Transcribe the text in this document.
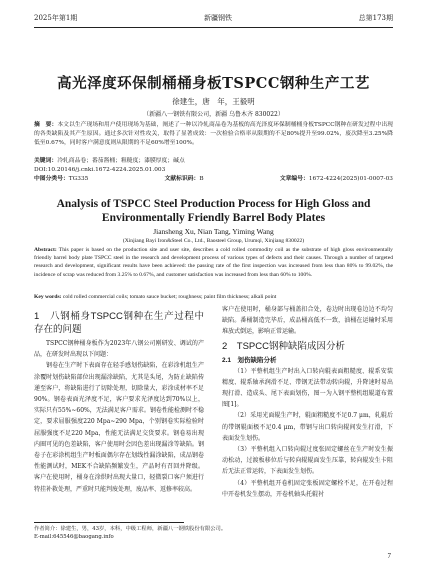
2025年第1期	新疆钢铁	总第173期
高光泽度环保制桶桶身板TSPCC钢种生产工艺
徐建生，唐　年，王毅明
（新疆八一钢铁有限公司，新疆 乌鲁木齐 830022）
摘　要：本文以生产现场和用户使用现场为基础，阐述了一种以冷轧商品卷为基板的高光泽度环保制桶桶身板TSPCC钢种在研发过程中出现的各类缺陷及其产生原因。通过多次针对性攻关，取得了显著成效：一次检验合格率从限期的不足80%提升至99.02%，废次降至3.25%降低至0.67%，同时客户满意度则从限期的不足60%增至100%。
关键词：冷轧商品卷；番茄酱桶；粗糙度；漆膜厚度；碱点
DOI:10.20146/j.cnki.1672-4224.2025.01.003
中图分类号：TG335	文献标识码：B	文章编号：1672-4224(2025)01-0007-03
Analysis of TSPCC Steel Production Process for High Gloss and Environmentally Friendly Barrel Body Plates
Jiansheng Xu, Nian Tang, Yiming Wang
(Xinjiang Bayi Iron&Steel Co., Ltd., Baosteel Group, Urumqi, Xinjiang 830022)
Abstract: This paper is based on the production site and user site, describes a cold rolled commodity coil as the substrate of high gloss environmentally friendly barrel body plate TSPCC steel in the research and development process of various types of defects and their causes. Through a number of targeted research and development, significant results have been achieved: the passing rate of the first inspection was increased from less than 80% to 99.02%, the incidence of scrap was reduced from 3.25% to 0.67%, and customer satisfaction was increased from less than 60% to 100%.
Key words: cold rolled commercial coils; tomato sauce bucket; roughness; paint film thickness; alkali point
1　八钢桶身TSPCC钢种在生产过程中存在的问题

TSPCC钢种桶身板作为2023年八钢公司刚研发、调试的产品，在研发时出现以下问题：

钢卷在生产时下表面存在轻手感划伤缺陷，在彩涂机组生产涂覆时划伤缺陷部位出现漏涂缺陷，尤其是头尾，为防止缺陷传递至客户，将缺陷进行了切除处理，切除量大，彩涂成材率不足90%。钢卷表面光泽度不足，客户要求光泽度达到70%以上，实际只有55%~60%，无法满足客户需求。钢卷性能检测时不稳定，要求屈服强度220 Mpa~290 Mpa，个别钢卷实际检验时屈服强度不足220 Mpa，性能无法满足交货要求。钢卷易出现内圈可见的色差缺陷，客户使用时会因色差出现漏涂等缺陷。钢卷子在彩涂机组生产时板面偶尔存在划线性漏涂缺陷，成品钢卷性能测试时，MEK不合缺陷频繁发生，产品时有召回并降级。客户在使用时，桶身在涂烘时出现大量口，轻微裂口客户须进行特挂补救处理，严重时只能判废处理，废品率、返修率较高。

客户在使用时，桶身部与桶盖扣合处，卷边时出现卷边边不均匀缺陷。番桶制造完毕后，成品桶高低不一致，油桶在运输时采用堆放式倒运，影响正常运输。

2　TSPCC钢种缺陷成因分析
2.1　划伤缺陷分析

（1）平整机组生产时出入口转向辊表面粗糙度、辊系安装精度、辊系轴承润滑不足、带钢无法带动转向辊，升降速时易出现打滑、造成头、尾下表面划伤，图一为入钢平整机组辊道布置图[1]。

（2）采用光面辊生产时，辊面粗糙度不足0.7 μm，轧辊后的带钢辊面极不足0.4 μm，带钢与出口转向辊间发生打滑，下表面发生划伤。

（3）平整机组入口转向辊过度张固定螺丝在生产时发生振动松动，过渡板移位后与转向辊辊面发生压靠，转向辊发生卡阻后无法正常运转，下表面发生划伤。

（4）平整机组开卷机固定张板固定螺栓不足，在开卷过程中开卷机发生摆动，开卷机轴头托辊衬

作者简介：徐建生，男，43岁，本科，中级工程师，新疆八一钢铁股份有限公司。
E-mail:645546@baogang.info
7
